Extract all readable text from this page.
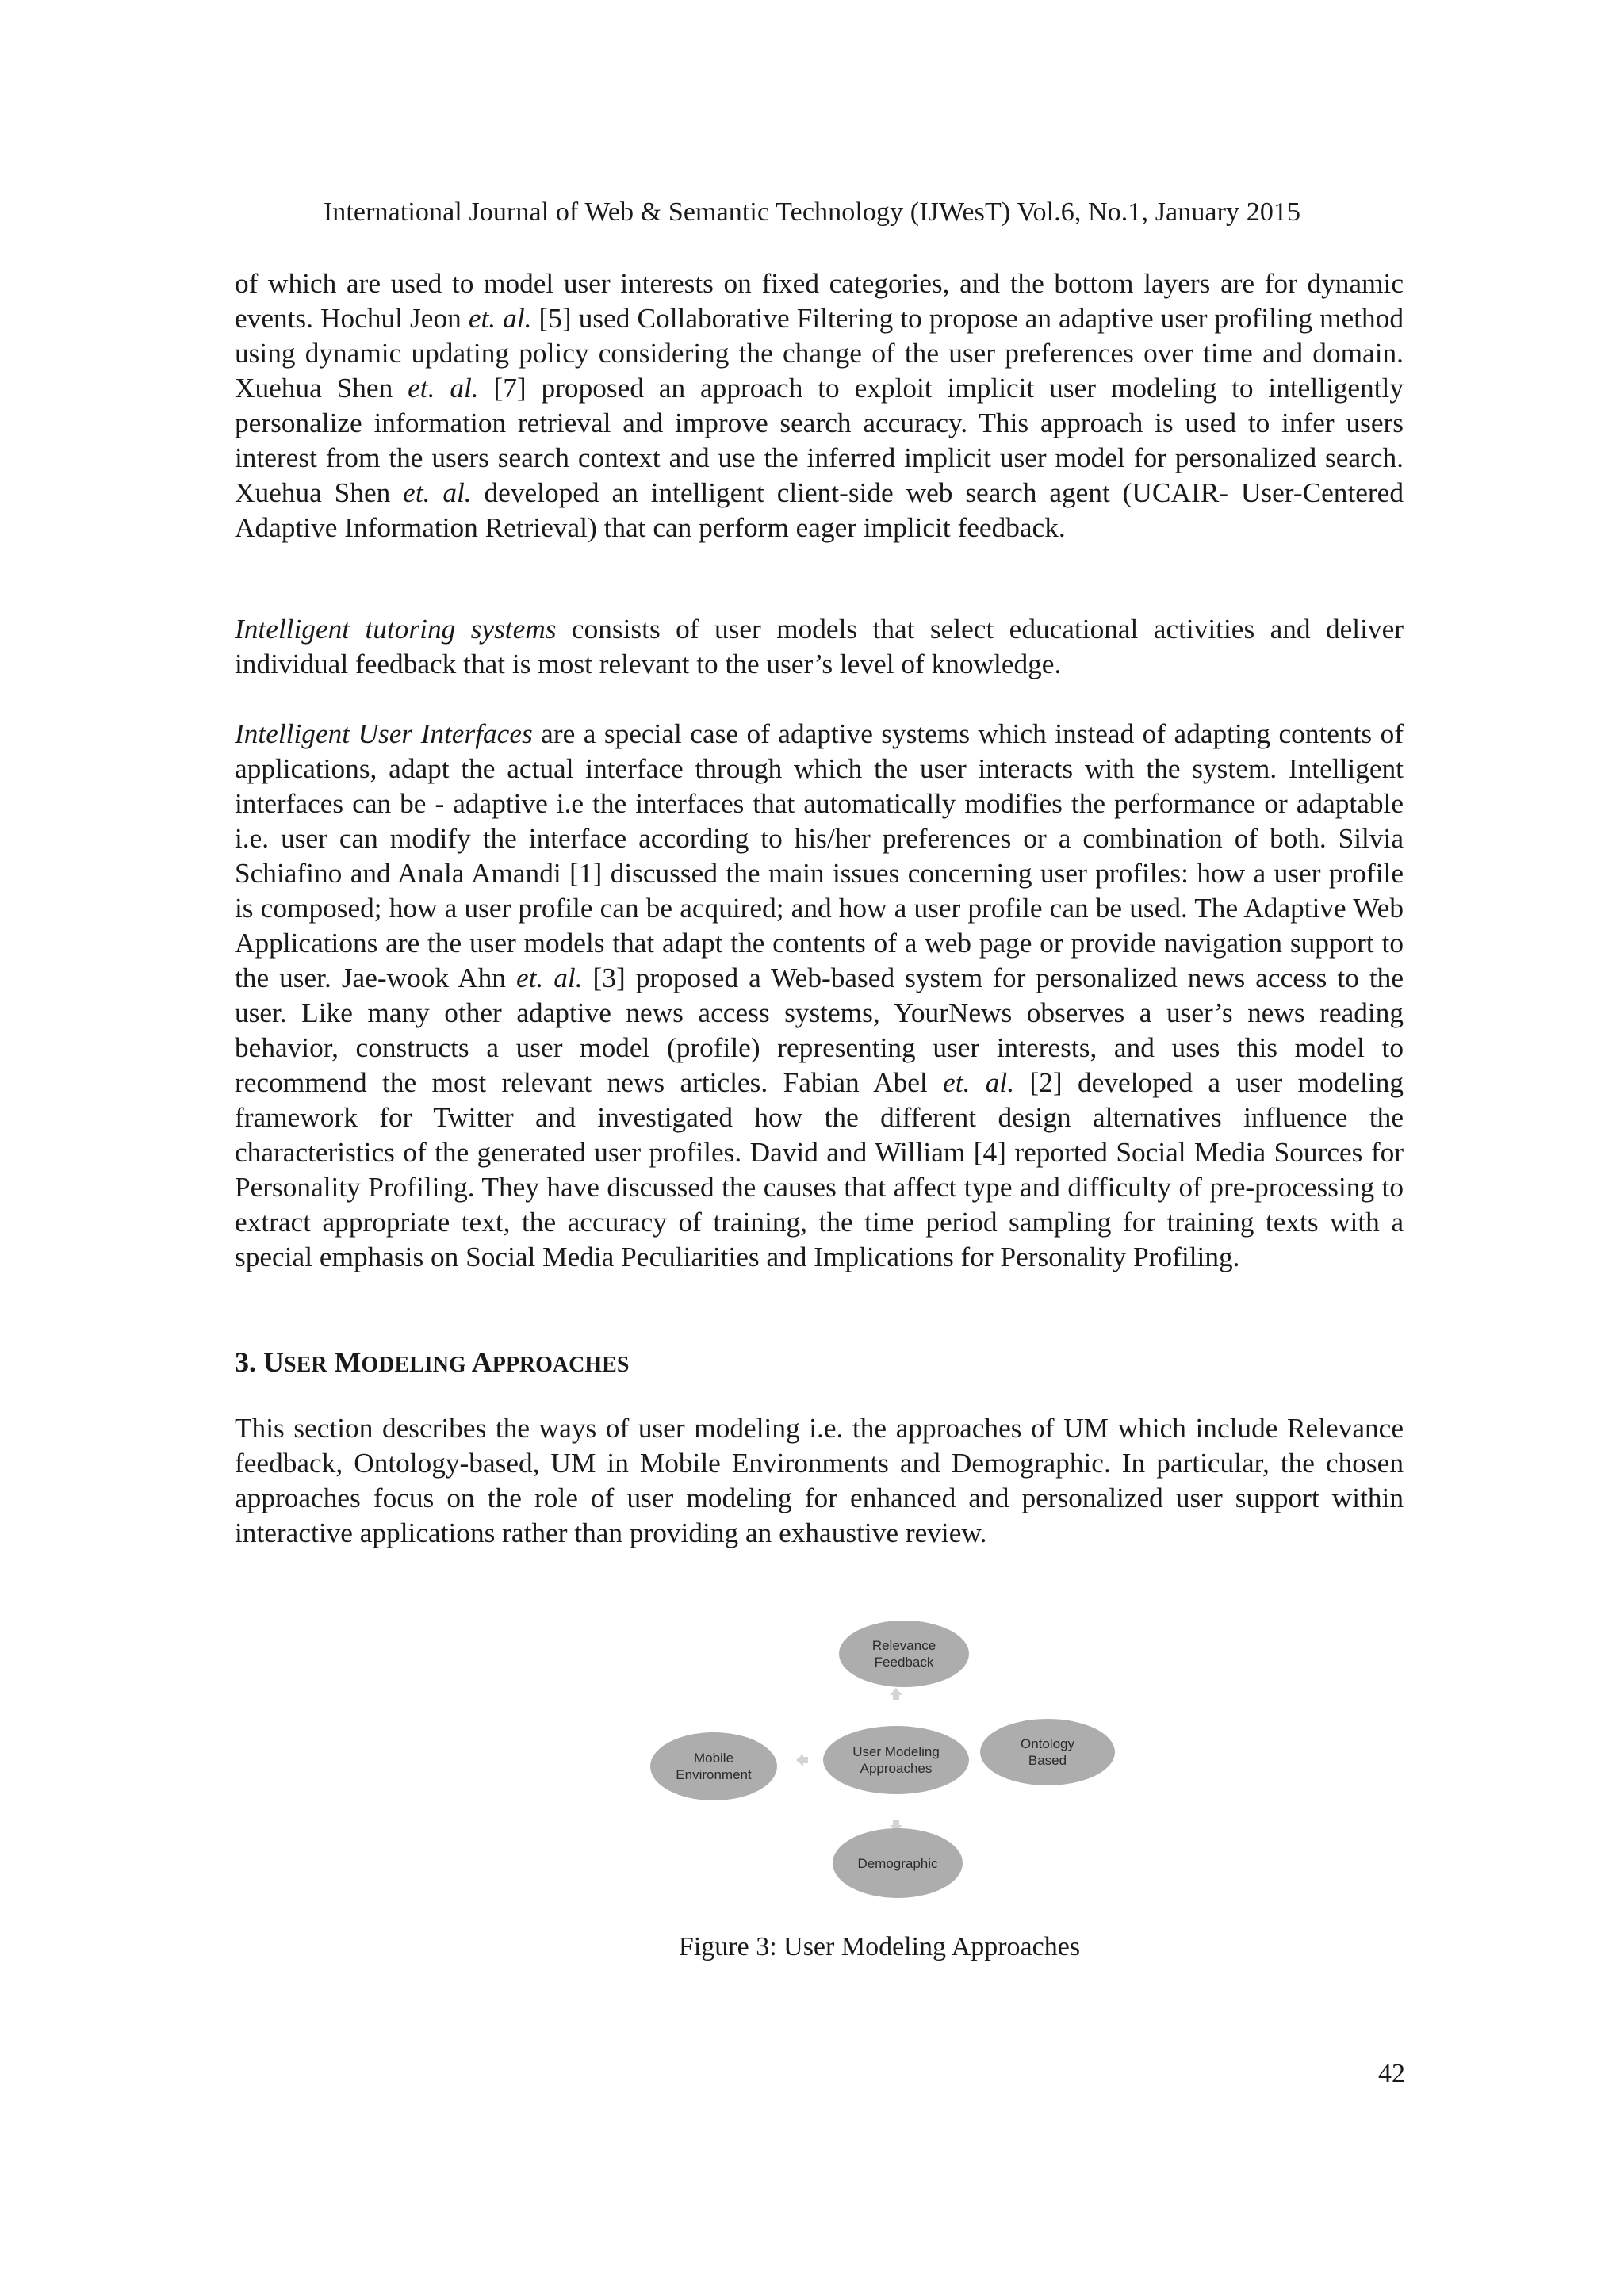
International Journal of Web & Semantic Technology (IJWesT) Vol.6, No.1, January 2015

of which are used to model user interests on fixed categories, and the bottom layers are for dynamic events. Hochul Jeon et. al. [5] used Collaborative Filtering to propose an adaptive user profiling method using dynamic updating policy considering the change of the user preferences over time and domain. Xuehua Shen et. al. [7] proposed an approach to exploit implicit user modeling to intelligently personalize information retrieval and improve search accuracy. This approach is used to infer users interest from the users search context and use the inferred implicit user model for personalized search. Xuehua Shen et. al. developed an intelligent client-side web search agent (UCAIR- User-Centered Adaptive Information Retrieval) that can perform eager implicit feedback.

Intelligent tutoring systems consists of user models that select educational activities and deliver individual feedback that is most relevant to the user’s level of knowledge.

Intelligent User Interfaces are a special case of adaptive systems which instead of adapting contents of applications, adapt the actual interface through which the user interacts with the system. Intelligent interfaces can be - adaptive i.e the interfaces that automatically modifies the performance or adaptable i.e. user can modify the interface according to his/her preferences or a combination of both. Silvia Schiafino and Anala Amandi [1] discussed the main issues concerning user profiles: how a user profile is composed; how a user profile can be acquired; and how a user profile can be used. The Adaptive Web Applications are the user models that adapt the contents of a web page or provide navigation support to the user. Jae-wook Ahn et. al. [3] proposed a Web-based system for personalized news access to the user. Like many other adaptive news access systems, YourNews observes a user’s news reading behavior, constructs a user model (profile) representing user interests, and uses this model to recommend the most relevant news articles. Fabian Abel et. al. [2] developed a user modeling framework for Twitter and investigated how the different design alternatives influence the characteristics of the generated user profiles. David and William [4] reported Social Media Sources for Personality Profiling. They have discussed the causes that affect type and difficulty of pre-processing to extract appropriate text, the accuracy of training, the time period sampling for training texts with a special emphasis on Social Media Peculiarities and Implications for Personality Profiling.

3. USER MODELING APPROACHES

This section describes the ways of user modeling i.e. the approaches of UM which include Relevance feedback, Ontology-based, UM in Mobile Environments and Demographic. In particular, the chosen approaches focus on the role of user modeling for enhanced and personalized user support within interactive applications rather than providing an exhaustive review.

Relevance
Feedback
User Modeling
Approaches
Ontology
Based
Mobile
Environment
Demographic
Figure 3: User Modeling Approaches
42
